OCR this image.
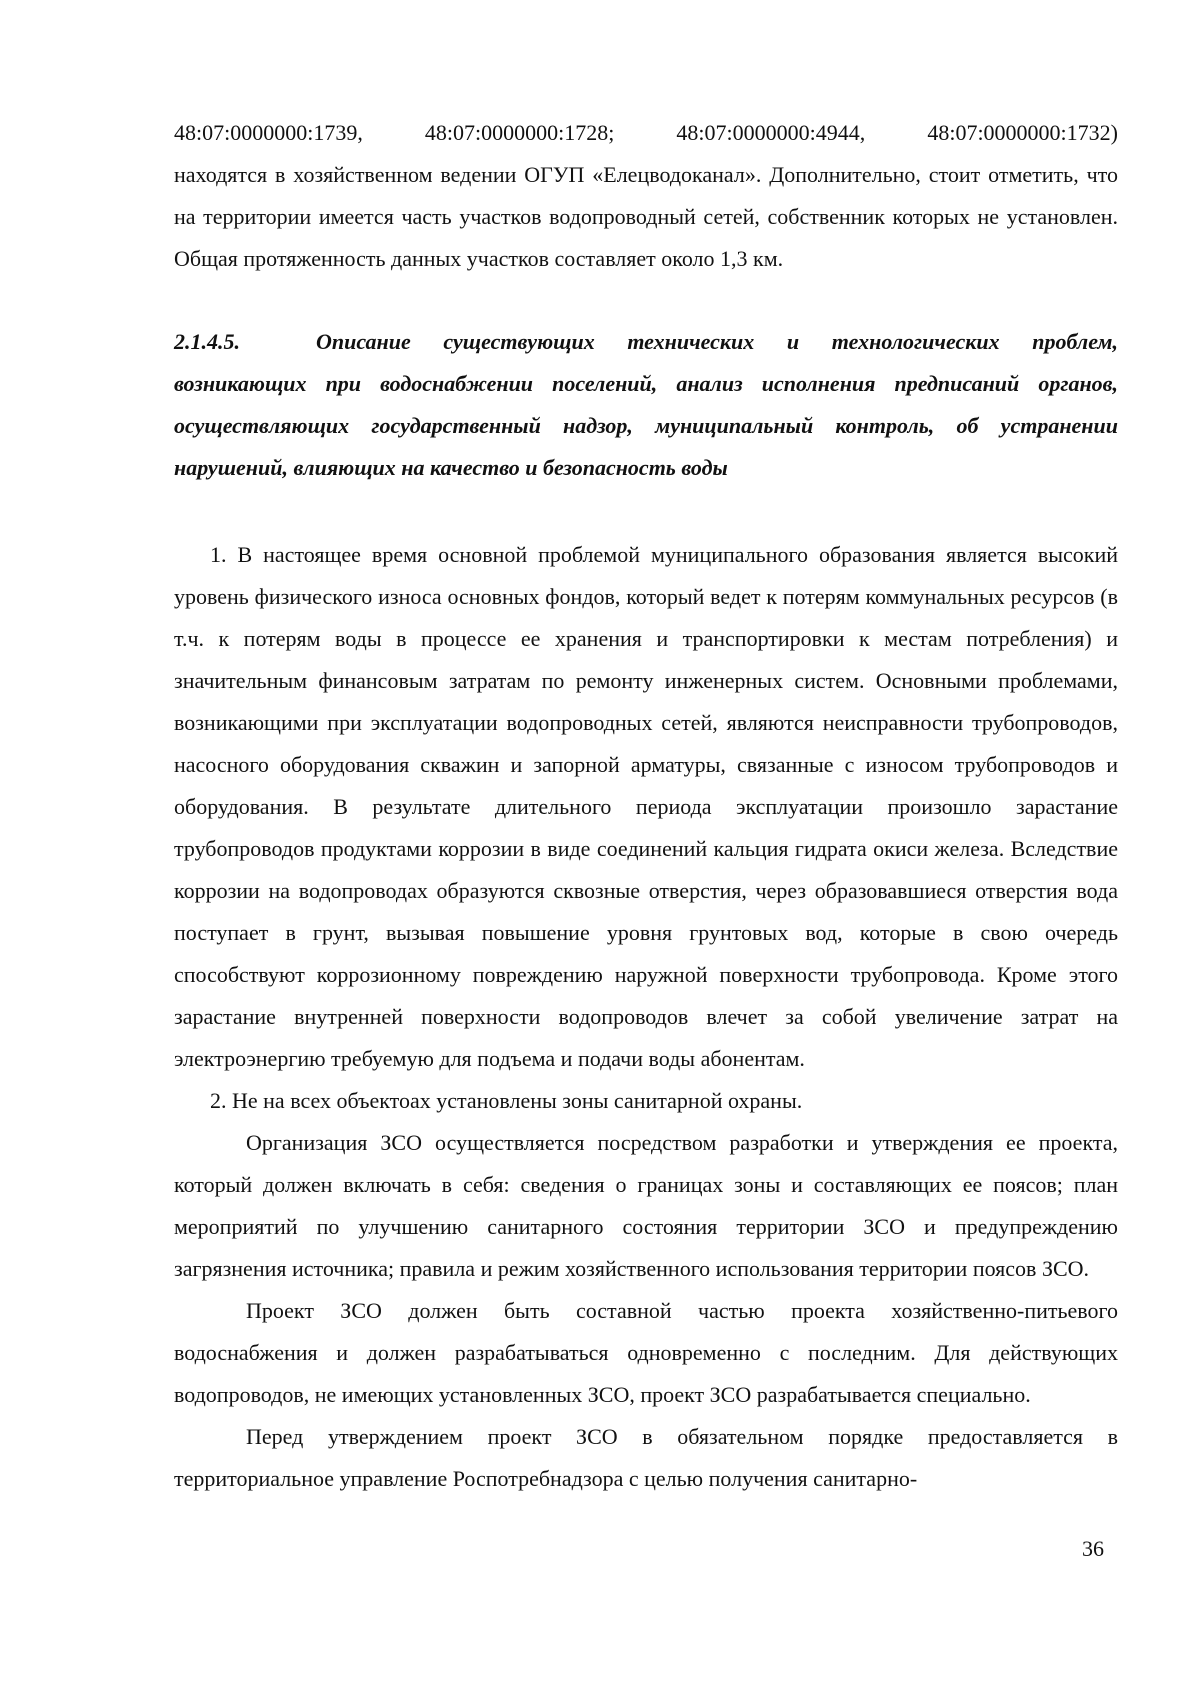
48:07:0000000:1739,	48:07:0000000:1728;	48:07:0000000:4944,	48:07:0000000:1732)

находятся в хозяйственном ведении ОГУП «Елецводоканал». Дополнительно, стоит отметить, что на территории имеется часть участков водопроводный сетей, собственник которых не установлен. Общая протяженность данных участков составляет около 1,3 км.

2.1.4.5.	Описание существующих технических и технологических проблем, возникающих при водоснабжении поселений, анализ исполнения предписаний органов, осуществляющих государственный надзор, муниципальный контроль, об устранении нарушений, влияющих на качество и безопасность воды

1. В настоящее время основной проблемой муниципального образования является высокий уровень физического износа основных фондов, который ведет к потерям коммунальных ресурсов (в т.ч. к потерям воды в процессе ее хранения и транспортировки к местам потребления) и значительным финансовым затратам по ремонту инженерных систем. Основными проблемами, возникающими при эксплуатации водопроводных сетей, являются неисправности трубопроводов, насосного оборудования скважин и запорной арматуры, связанные с износом трубопроводов и оборудования. В результате длительного периода эксплуатации произошло зарастание трубопроводов продуктами коррозии в виде соединений кальция гидрата окиси железа. Вследствие коррозии на водопроводах образуются сквозные отверстия, через образовавшиеся отверстия вода поступает в грунт, вызывая повышение уровня грунтовых вод, которые в свою очередь способствуют коррозионному повреждению наружной поверхности трубопровода. Кроме этого зарастание внутренней поверхности водопроводов влечет за собой увеличение затрат на электроэнергию требуемую для подъема и подачи воды абонентам.

2. Не на всех объектоах установлены зоны санитарной охраны.

Организация ЗСО осуществляется посредством разработки и утверждения ее проекта, который должен включать в себя: сведения о границах зоны и составляющих ее поясов; план мероприятий по улучшению санитарного состояния территории ЗСО и предупреждению загрязнения источника; правила и режим хозяйственного использования территории поясов ЗСО.

Проект ЗСО должен быть составной частью проекта хозяйственно-питьевого водоснабжения и должен разрабатываться одновременно с последним. Для действующих водопроводов, не имеющих установленных ЗСО, проект ЗСО разрабатывается специально.

Перед утверждением проект ЗСО в обязательном порядке предоставляется в территориальное управление Роспотребнадзора с целью получения санитарно-

36
